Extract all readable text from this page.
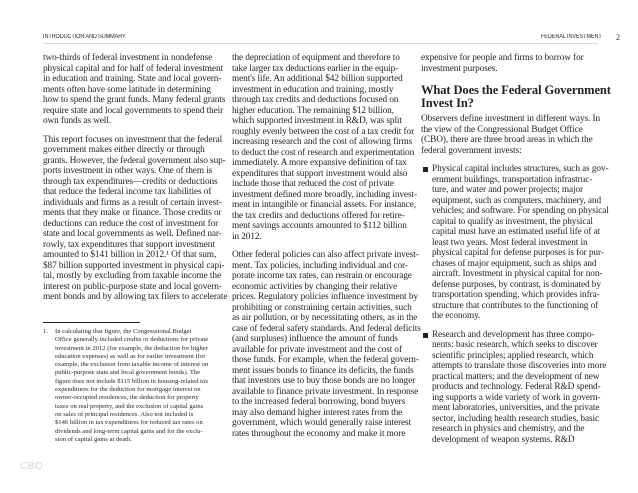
INTRODUCTION AND SUMMARY	FEDERAL INVESTMENT 2
two-thirds of federal investment in nondefense
physical capital and for half of federal investment
in education and training. State and local govern-
ments often have some latitude in determining
how to spend the grant funds. Many federal grants
require state and local governments to spend their
own funds as well.
This report focuses on investment that the federal
government makes either directly or through
grants. However, the federal government also sup-
ports investment in other ways. One of them is
through tax expenditures—credits or deductions
that reduce the federal income tax liabilities of
individuals and firms as a result of certain invest-
ments that they make or finance. Those credits or
deductions can reduce the cost of investment for
state and local governments as well. Defined nar-
rowly, tax expenditures that support investment
amounted to $141 billion in 2012.¹ Of that sum,
$87 billion supported investment in physical capi-
tal, mostly by excluding from taxable income the
interest on public-purpose state and local govern-
ment bonds and by allowing tax filers to accelerate
1. In calculating that figure, the Congressional Budget
Office generally included credits or deductions for private
investment in 2012 (for example, the deduction for higher
education expenses) as well as for earlier investment (for
example, the exclusion from taxable income of interest on
public-purpose state and local government bonds). The
figure does not include $115 billion in housing-related tax
expenditures for the deduction for mortgage interest on
owner-occupied residences, the deduction for property
taxes on real property, and the exclusion of capital gains
on sales of principal residences. Also not included is
$146 billion in tax expenditures for reduced tax rates on
dividends and long-term capital gains and for the exclu-
sion of capital gains at death.
the depreciation of equipment and therefore to
take larger tax deductions earlier in the equip-
ment's life. An additional $42 billion supported
investment in education and training, mostly
through tax credits and deductions focused on
higher education. The remaining $12 billion,
which supported investment in R&D, was split
roughly evenly between the cost of a tax credit for
increasing research and the cost of allowing firms
to deduct the cost of research and experimentation
immediately. A more expansive definition of tax
expenditures that support investment would also
include those that reduced the cost of private
investment defined more broadly, including invest-
ment in intangible or financial assets. For instance,
the tax credits and deductions offered for retire-
ment savings accounts amounted to $112 billion
in 2012.
Other federal policies can also affect private invest-
ment. Tax policies, including individual and cor-
porate income tax rates, can restrain or encourage
economic activities by changing their relative
prices. Regulatory policies influence investment by
prohibiting or constraining certain activities, such
as air pollution, or by necessitating others, as in the
case of federal safety standards. And federal deficits
(and surpluses) influence the amount of funds
available for private investment and the cost of
those funds. For example, when the federal govern-
ment issues bonds to finance its deficits, the funds
that investors use to buy those bonds are no longer
available to finance private investment. In response
to the increased federal borrowing, bond buyers
may also demand higher interest rates from the
government, which would generally raise interest
rates throughout the economy and make it more
expensive for people and firms to borrow for
investment purposes.
What Does the Federal Government
Invest In?
Observers define investment in different ways. In
the view of the Congressional Budget Office
(CBO), there are three broad areas in which the
federal government invests:
Physical capital includes structures, such as gov-
ernment buildings, transportation infrastruc-
ture, and water and power projects; major
equipment, such as computers, machinery, and
vehicles; and software. For spending on physical
capital to qualify as investment, the physical
capital must have an estimated useful life of at
least two years. Most federal investment in
physical capital for defense purposes is for pur-
chases of major equipment, such as ships and
aircraft. Investment in physical capital for non-
defense purposes, by contrast, is dominated by
transportation spending, which provides infra-
structure that contributes to the functioning of
the economy.
Research and development has three compo-
nents: basic research, which seeks to discover
scientific principles; applied research, which
attempts to translate those discoveries into more
practical matters; and the development of new
products and technology. Federal R&D spend-
ing supports a wide variety of work in govern-
ment laboratories, universities, and the private
sector, including health research studies, basic
research in physics and chemistry, and the
development of weapon systems. R&D
CBO
